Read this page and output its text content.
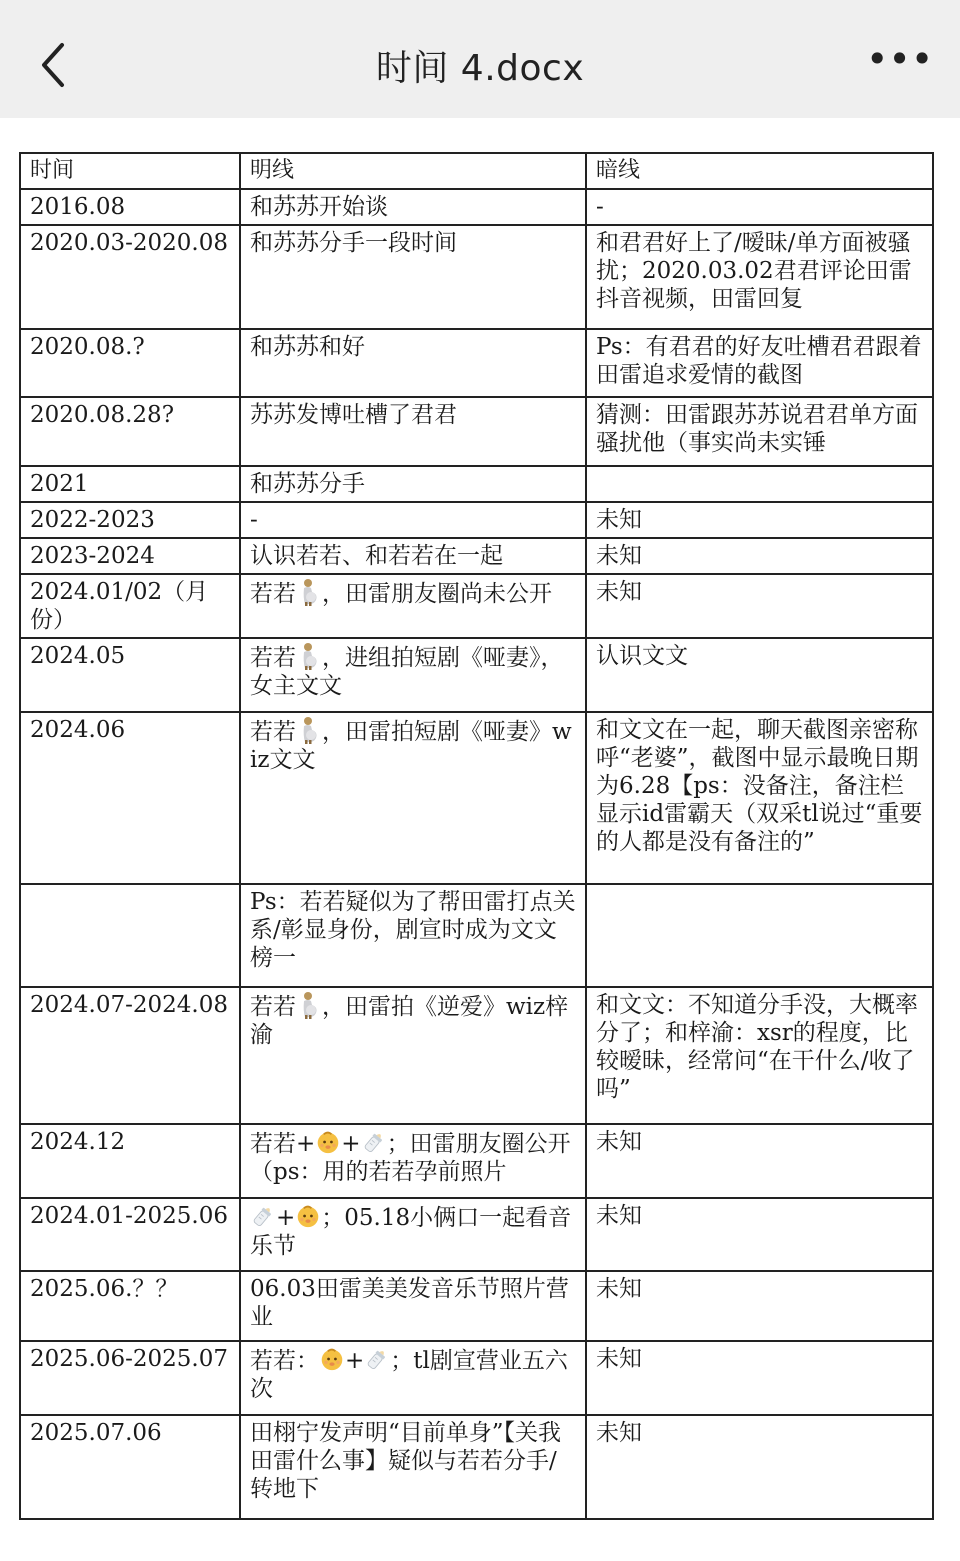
时间 4.docx	•••
时间	明线	暗线
2016.08	和苏苏开始谈	-
2020.03-2020.08	和苏苏分手一段时间	和君君好上了/暧昧/单方面被骚扰；2020.03.02君君评论田雷抖音视频，田雷回复
2020.08.?	和苏苏和好	Ps：有君君的好友吐槽君君跟着田雷追求爱情的截图
2020.08.28?	苏苏发博吐槽了君君	猜测：田雷跟苏苏说君君单方面骚扰他（事实尚未实锤
2021	和苏苏分手	
2022-2023	-	未知
2023-2024	认识若若、和若若在一起	未知
2024.01/02（月份）	若若 ，田雷朋友圈尚未公开	未知
2024.05	若若 ，进组拍短剧《哑妻》，女主文文	认识文文
2024.06	若若 ，田雷拍短剧《哑妻》wiz文文	和文文在一起，聊天截图亲密称呼“老婆”，截图中显示最晚日期为6.28【ps：没备注，备注栏显示id雷霸天（双采tl说过“重要的人都是没有备注的”
	Ps：若若疑似为了帮田雷打点关系/彰显身份，剧宣时成为文文榜一	
2024.07-2024.08	若若 ，田雷拍《逆爱》wiz梓渝	和文文：不知道分手没，大概率分了；和梓渝：xsr的程度，比较暧昧，经常问“在干什么/收了吗”
2024.12	若若+ + ；田雷朋友圈公开（ps：用的若若孕前照片	未知
2024.01-2025.06	+ ；05.18小俩口一起看音乐节	未知
2025.06.？？	06.03田雷美美发音乐节照片营业	未知
2025.06-2025.07	若若： + ；tl剧宣营业五六次	未知
2025.07.06	田栩宁发声明“目前单身”【关我田雷什么事】疑似与若若分手/转地下	未知
